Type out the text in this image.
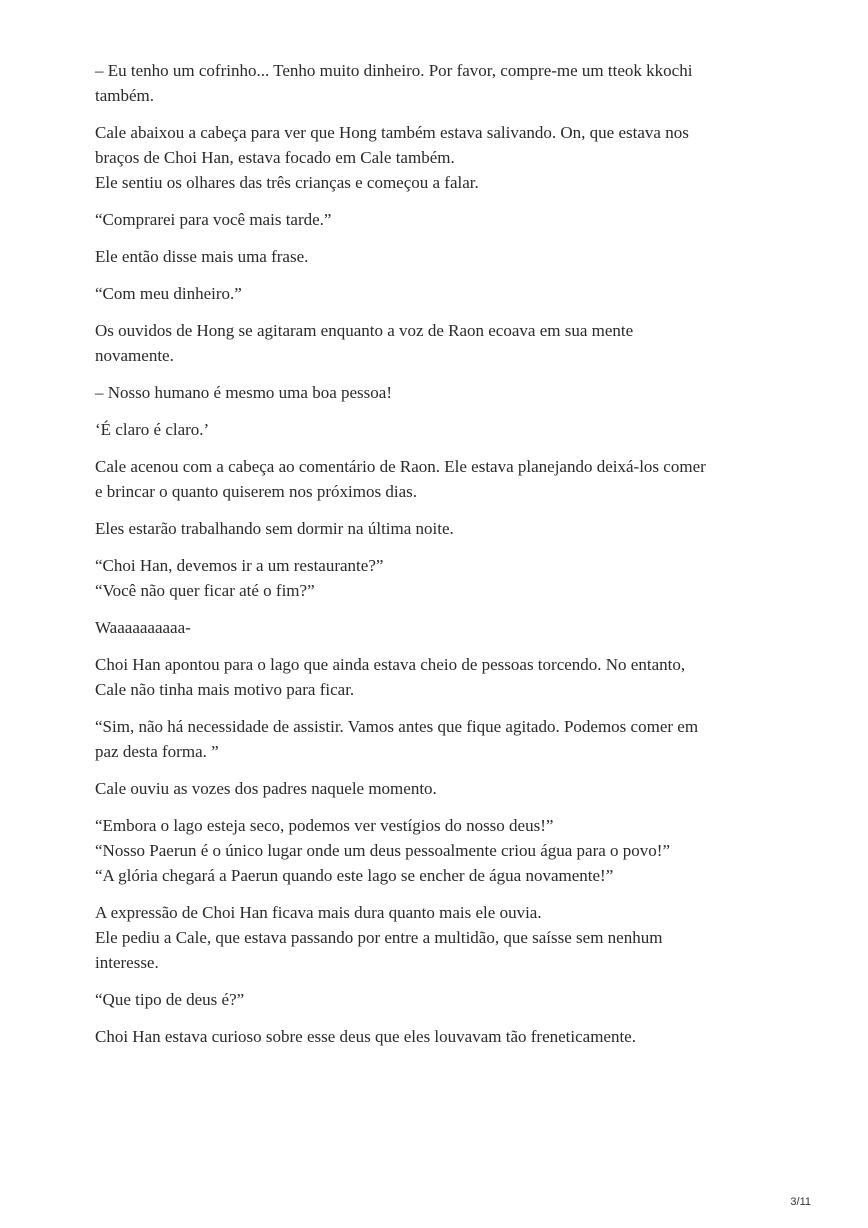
– Eu tenho um cofrinho... Tenho muito dinheiro. Por favor, compre-me um tteok kkochi
também.

Cale abaixou a cabeça para ver que Hong também estava salivando. On, que estava nos
braços de Choi Han, estava focado em Cale também.
Ele sentiu os olhares das três crianças e começou a falar.

“Comprarei para você mais tarde.”

Ele então disse mais uma frase.

“Com meu dinheiro.”

Os ouvidos de Hong se agitaram enquanto a voz de Raon ecoava em sua mente
novamente.

– Nosso humano é mesmo uma boa pessoa!

‘É claro é claro.’

Cale acenou com a cabeça ao comentário de Raon. Ele estava planejando deixá-los comer
e brincar o quanto quiserem nos próximos dias.

Eles estarão trabalhando sem dormir na última noite.

“Choi Han, devemos ir a um restaurante?”
“Você não quer ficar até o fim?”

Waaaaaaaaaa-

Choi Han apontou para o lago que ainda estava cheio de pessoas torcendo. No entanto,
Cale não tinha mais motivo para ficar.

“Sim, não há necessidade de assistir. Vamos antes que fique agitado. Podemos comer em
paz desta forma. ”

Cale ouviu as vozes dos padres naquele momento.

“Embora o lago esteja seco, podemos ver vestígios do nosso deus!”
“Nosso Paerun é o único lugar onde um deus pessoalmente criou água para o povo!”
“A glória chegará a Paerun quando este lago se encher de água novamente!”

A expressão de Choi Han ficava mais dura quanto mais ele ouvia.
Ele pediu a Cale, que estava passando por entre a multidão, que saísse sem nenhum
interesse.

“Que tipo de deus é?”

Choi Han estava curioso sobre esse deus que eles louvavam tão freneticamente.

3/11
